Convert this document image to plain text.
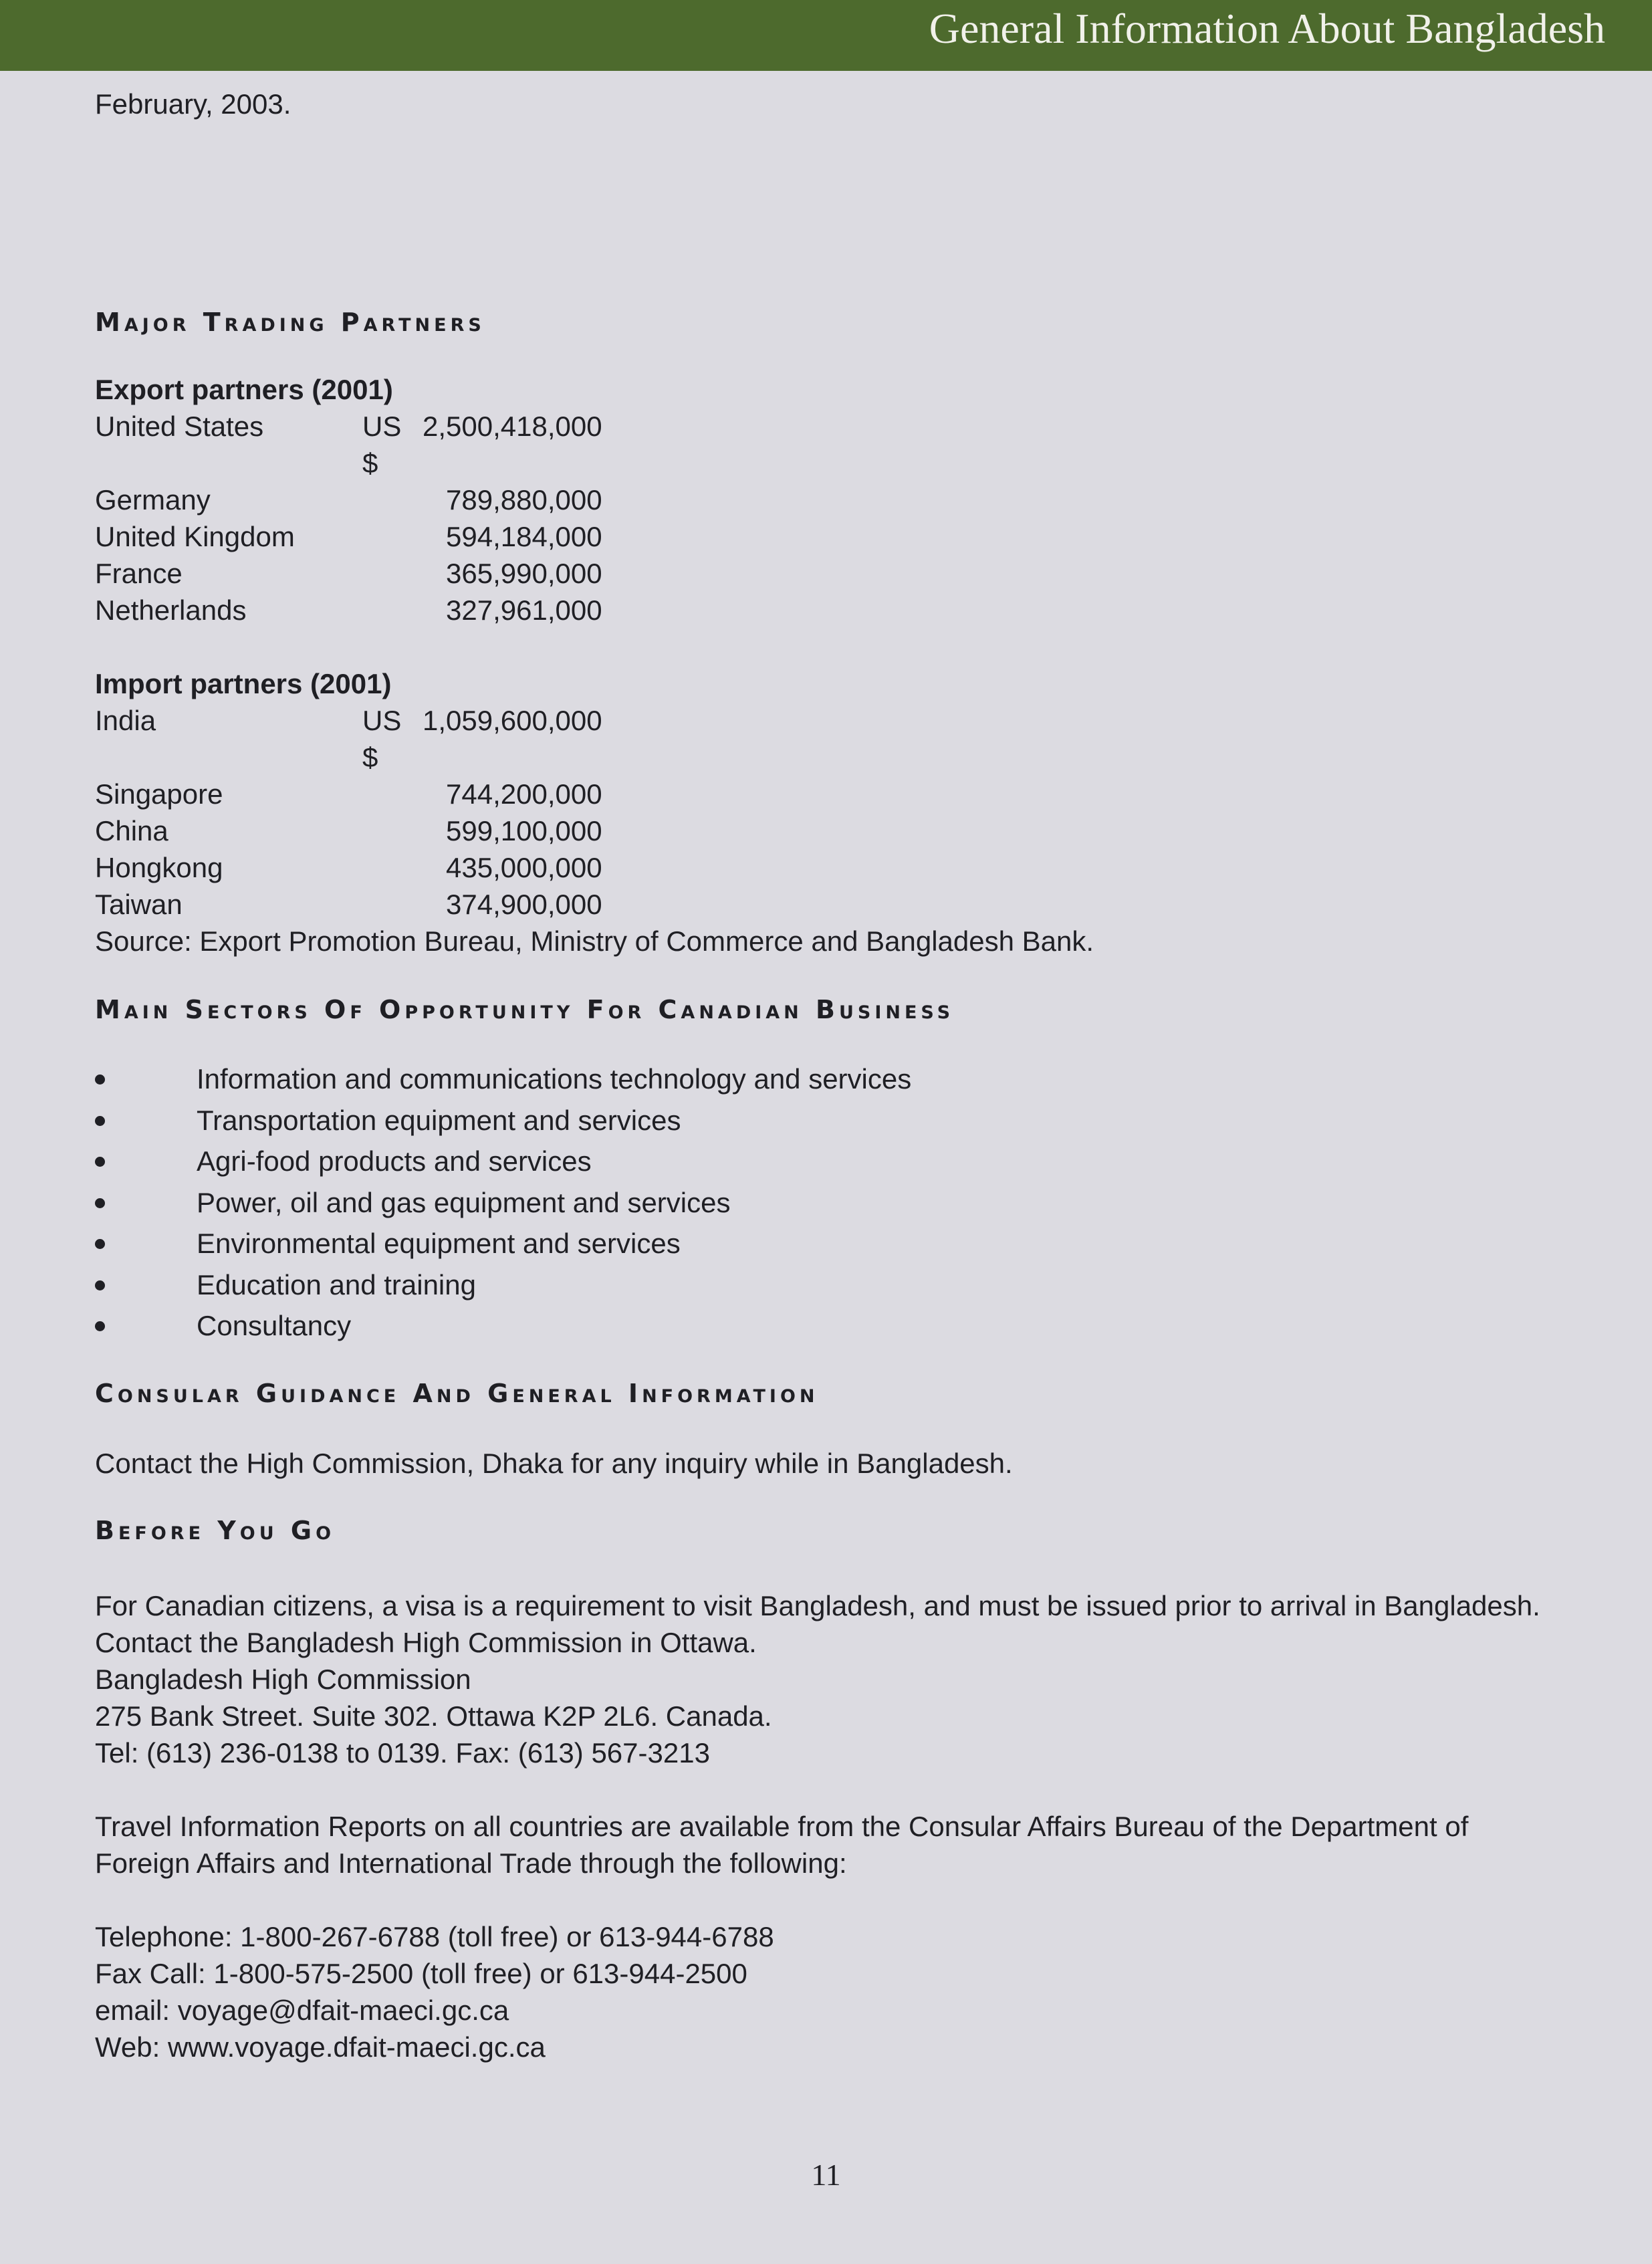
General Information About Bangladesh

February, 2003.

Major Trading Partners

Export partners (2001)

United States	US $	2,500,418,000
Germany		789,880,000
United Kingdom		594,184,000
France		365,990,000
Netherlands		327,961,000

Import partners (2001)

India	US $	1,059,600,000
Singapore		744,200,000
China		599,100,000
Hongkong		435,000,000
Taiwan		374,900,000

Source: Export Promotion Bureau, Ministry of Commerce and Bangladesh Bank.

Main Sectors Of Opportunity For Canadian Business
Information and communications technology and services
Transportation equipment and services
Agri-food products and services
Power, oil and gas equipment and services
Environmental equipment and services
Education and training
Consultancy
Consular Guidance And General Information

Contact the High Commission, Dhaka for any inquiry while in Bangladesh.

Before You Go

For Canadian citizens, a visa is a requirement to visit Bangladesh, and must be issued prior to arrival in Bangladesh. Contact the Bangladesh High Commission in Ottawa.

Bangladesh High Commission

275 Bank Street. Suite 302. Ottawa K2P 2L6. Canada.

Tel: (613) 236-0138 to 0139. Fax: (613) 567-3213

Travel Information Reports on all countries are available from the Consular Affairs Bureau of the Department of Foreign Affairs and International Trade through the following:

Telephone: 1-800-267-6788 (toll free) or 613-944-6788

Fax Call: 1-800-575-2500 (toll free) or 613-944-2500

email: voyage@dfait-maeci.gc.ca

Web: www.voyage.dfait-maeci.gc.ca

11
